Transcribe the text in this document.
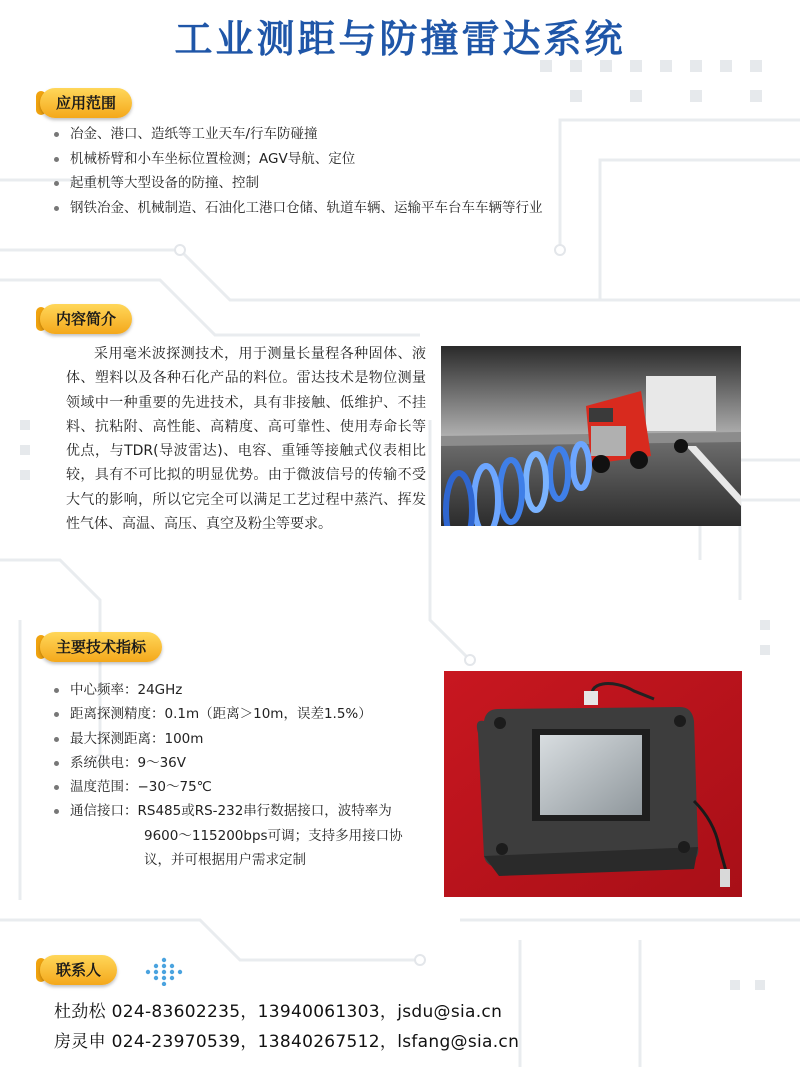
工业测距与防撞雷达系统
应用范围
冶金、港口、造纸等工业天车/行车防碰撞
机械桥臂和小车坐标位置检测；AGV导航、定位
起重机等大型设备的防撞、控制
钢铁冶金、机械制造、石油化工港口仓储、轨道车辆、运输平车台车车辆等行业
内容简介

采用毫米波探测技术，用于测量长量程各种固体、液体、塑料以及各种石化产品的料位。雷达技术是物位测量领域中一种重要的先进技术，具有非接触、低维护、不挂料、抗粘附、高性能、高精度、高可靠性、使用寿命长等优点，与TDR(导波雷达)、电容、重锤等接触式仪表相比较，具有不可比拟的明显优势。由于微波信号的传输不受大气的影响，所以它完全可以满足工艺过程中蒸汽、挥发性气体、高温、高压、真空及粉尘等要求。

主要技术指标
中心频率：24GHz
距离探测精度：0.1m（距离＞10m，误差1.5%）
最大探测距离：100m
系统供电：9～36V
温度范围：−30～75℃
通信接口：RS485或RS-232串行数据接口，波特率为
9600～115200bps可调；支持多用接口协
议，并可根据用户需求定制
联系人
杜劲松 024-83602235，13940061303，jsdu@sia.cn
房灵申 024-23970539，13840267512，lsfang@sia.cn
